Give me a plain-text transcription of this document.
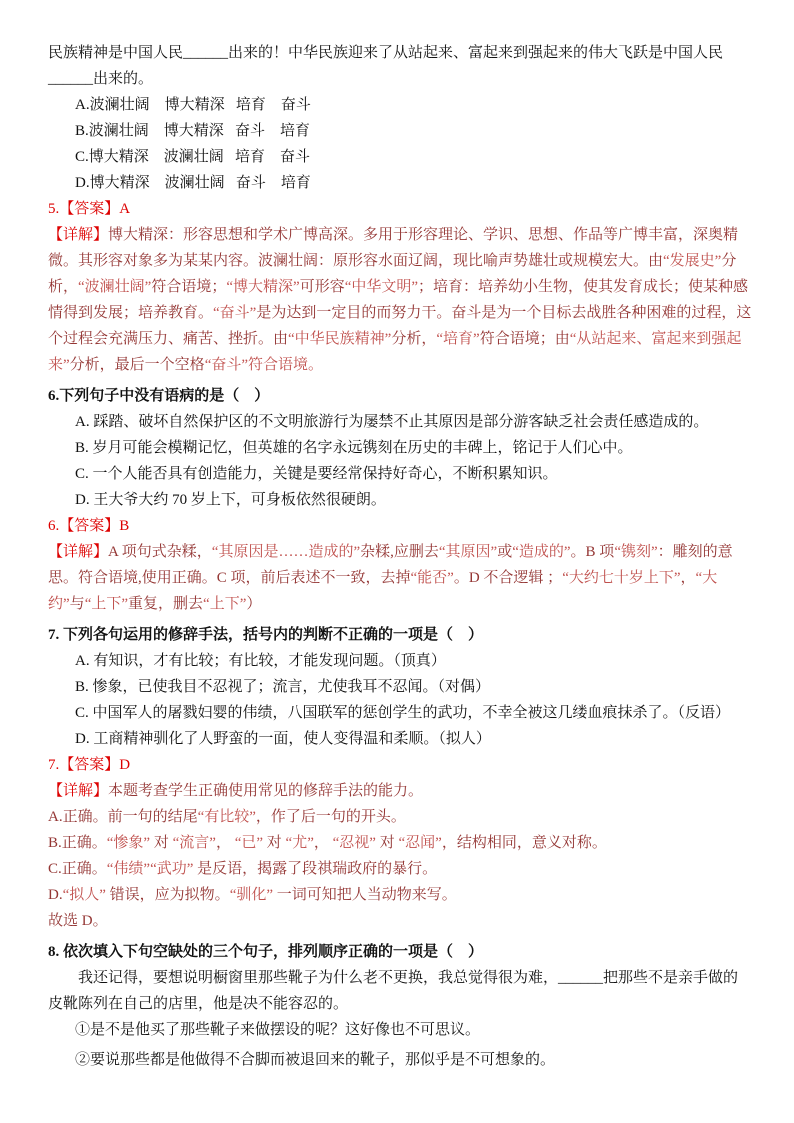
民族精神是中国人民______出来的！中华民族迎来了从站起来、富起来到强起来的伟大飞跃是中国人民______出来的。
A.波澜壮阔    博大精深   培育    奋斗
B.波澜壮阔    博大精深   奋斗    培育
C.博大精深    波澜壮阔   培育    奋斗
D.博大精深    波澜壮阔   奋斗    培育
5.【答案】A
【详解】博大精深：形容思想和学术广博高深。多用于形容理论、学识、思想、作品等广博丰富，深奥精微。其形容对象多为某某内容。波澜壮阔：原形容水面辽阔，现比喻声势雄壮或规模宏大。由“发展史”分析，“波澜壮阔”符合语境；“博大精深”可形容“中华文明”；培育：培养幼小生物，使其发育成长；使某种感情得到发展；培养教育。“奋斗”是为达到一定目的而努力干。奋斗是为一个目标去战胜各种困难的过程，这个过程会充满压力、痛苦、挫折。由“中华民族精神”分析，“培育”符合语境；由“从站起来、富起来到强起来”分析，最后一个空格“奋斗”符合语境。
6.下列句子中没有语病的是（　）
A. 踩踏、破坏自然保护区的不文明旅游行为屡禁不止其原因是部分游客缺乏社会责任感造成的。
B. 岁月可能会模糊记忆，但英雄的名字永远镌刻在历史的丰碑上，铭记于人们心中。
C. 一个人能否具有创造能力，关键是要经常保持好奇心，不断积累知识。
D. 王大爷大约 70 岁上下，可身板依然很硬朗。
6.【答案】B
【详解】A 项句式杂糅，“其原因是……造成的”杂糅,应删去“其原因”或“造成的”。B 项“镌刻”：雕刻的意思。符合语境,使用正确。C 项，前后表述不一致，去掉“能否”。D 不合逻辑 ；“大约七十岁上下”，“大约”与“上下”重复，删去“上下”）
7. 下列各句运用的修辞手法，括号内的判断不正确的一项是（　）
A. 有知识，才有比较；有比较，才能发现问题。（顶真）
B. 惨象，已使我目不忍视了；流言，尤使我耳不忍闻。（对偶）
C. 中国军人的屠戮妇婴的伟绩，八国联军的惩创学生的武功，不幸全被这几缕血痕抹杀了。（反语）
D. 工商精神驯化了人野蛮的一面，使人变得温和柔顺。（拟人）
7.【答案】D
【详解】本题考查学生正确使用常见的修辞手法的能力。
A.正确。前一句的结尾“有比较”，作了后一句的开头。
B.正确。“惨象” 对 “流言”， “已” 对 “尤”， “忍视” 对 “忍闻”，结构相同，意义对称。
C.正确。“伟绩”“武功” 是反语，揭露了段祺瑞政府的暴行。
D.“拟人” 错误，应为拟物。“驯化” 一词可知把人当动物来写。
故选 D。
8. 依次填入下句空缺处的三个句子，排列顺序正确的一项是（　）
我还记得，要想说明橱窗里那些靴子为什么老不更换，我总觉得很为难，______把那些不是亲手做的皮靴陈列在自己的店里，他是决不能容忍的。
①是不是他买了那些靴子来做摆设的呢？这好像也不可思议。
②要说那些都是他做得不合脚而被退回来的靴子，那似乎是不可想象的。
